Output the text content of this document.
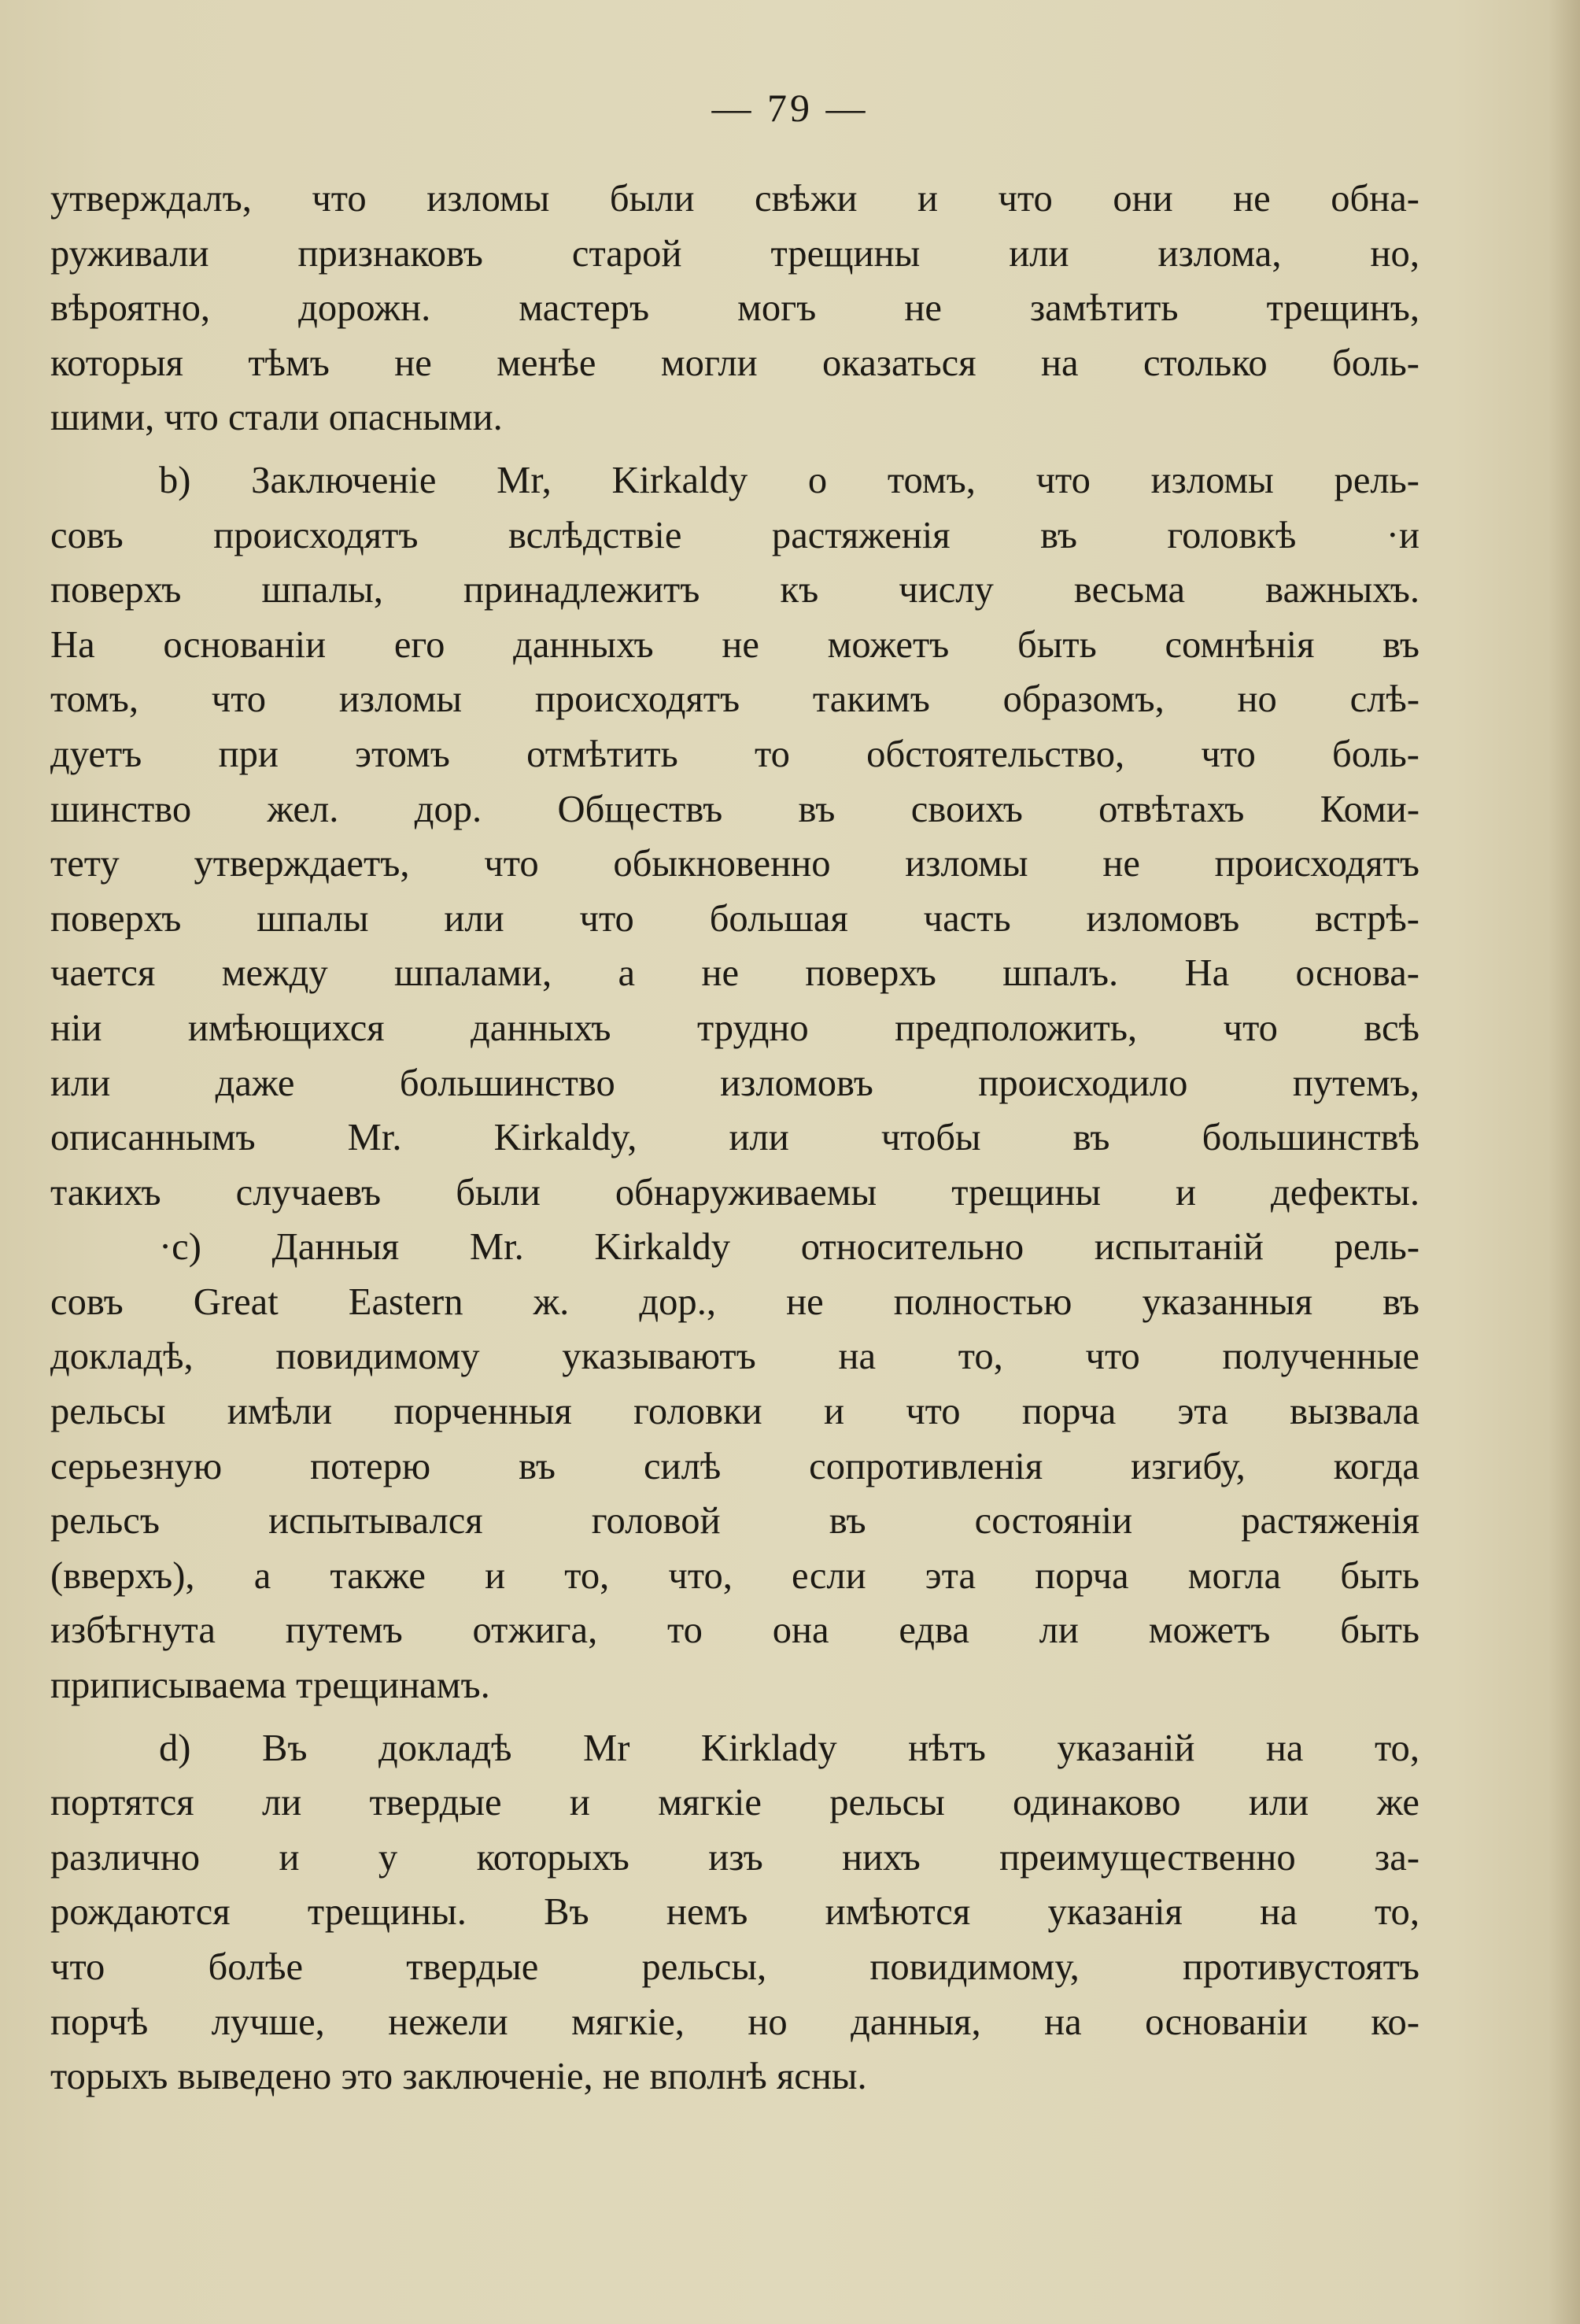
— 79 —

утверждалъ, что изломы были свѣжи и что они не обна-
руживали признаковъ старой трещины или излома, но,
вѣроятно, дорожн. мастеръ могъ не замѣтить трещинъ,
которыя тѣмъ не менѣе могли оказаться на столько боль-
шими, что стали опасными.

b) Заключеніе Mr, Kirkaldy о томъ, что изломы рель-
совъ происходятъ вслѣдствіе растяженія въ головкѣ ·и
поверхъ шпалы, принадлежитъ къ числу весьма важныхъ.
На основаніи его данныхъ не можетъ быть сомнѣнія въ
томъ, что изломы происходятъ такимъ образомъ, но слѣ-
дуетъ при этомъ отмѣтить то обстоятельство, что боль-
шинство жел. дор. Обществъ въ своихъ отвѣтахъ Коми-
тету утверждаетъ, что обыкновенно изломы не происходятъ
поверхъ шпалы или что большая часть изломовъ встрѣ-
чается между шпалами, а не поверхъ шпалъ. На основа-
ніи имѣющихся данныхъ трудно предположить, что всѣ
или даже большинство изломовъ происходило путемъ,
описаннымъ Mr. Kirkaldy, или чтобы въ большинствѣ
такихъ случаевъ были обнаруживаемы трещины и дефекты.

·с) Данныя Mr. Kirkaldy относительно испытаній рель-
совъ Great Eastern ж. дор., не полностью указанныя въ
докладѣ, повидимому указываютъ на то, что полученные
рельсы имѣли порченныя головки и что порча эта вызвала
серьезную потерю въ силѣ сопротивленія изгибу, когда
рельсъ испытывался головой въ состояніи растяженія
(вверхъ), а также и то, что, если эта порча могла быть
избѣгнута путемъ отжига, то она едва ли можетъ быть
приписываема трещинамъ.

d) Въ докладѣ Mr Kirklady нѣтъ указаній на то,
портятся ли твердые и мягкіе рельсы одинаково или же
различно и у которыхъ изъ нихъ преимущественно за-
рождаются трещины. Въ немъ имѣются указанія на то,
что болѣе твердые рельсы, повидимому, противустоятъ
порчѣ лучше, нежели мягкіе, но данныя, на основаніи ко-
торыхъ выведено это заключеніе, не вполнѣ ясны.
